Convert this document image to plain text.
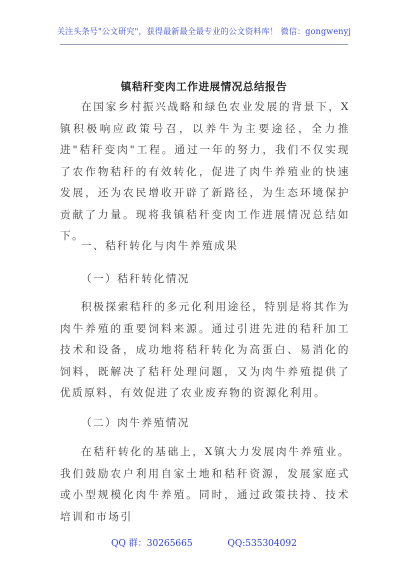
关注头条号"公文研究"，获得最新最全最专业的公文资料库！ 微信：gongwenyj
镇秸秆变肉工作进展情况总结报告

在国家乡村振兴战略和绿色农业发展的背景下，X镇积极响应政策号召，以养牛为主要途径，全力推进"秸秆变肉"工程。通过一年的努力，我们不仅实现了农作物秸秆的有效转化，促进了肉牛养殖业的快速发展，还为农民增收开辟了新路径，为生态环境保护贡献了力量。现将我镇秸秆变肉工作进展情况总结如下。

一、秸秆转化与肉牛养殖成果

（一）秸秆转化情况

积极探索秸秆的多元化利用途径，特别是将其作为肉牛养殖的重要饲料来源。通过引进先进的秸秆加工技术和设备，成功地将秸秆转化为高蛋白、易消化的饲料，既解决了秸秆处理问题，又为肉牛养殖提供了优质原料，有效促进了农业废弃物的资源化利用。

（二）肉牛养殖情况

在秸秆转化的基础上，X镇大力发展肉牛养殖业。我们鼓励农户利用自家土地和秸秆资源，发展家庭式或小型规模化肉牛养殖。同时，通过政策扶持、技术培训和市场引

QQ 群：30265665	QQ:535304092
